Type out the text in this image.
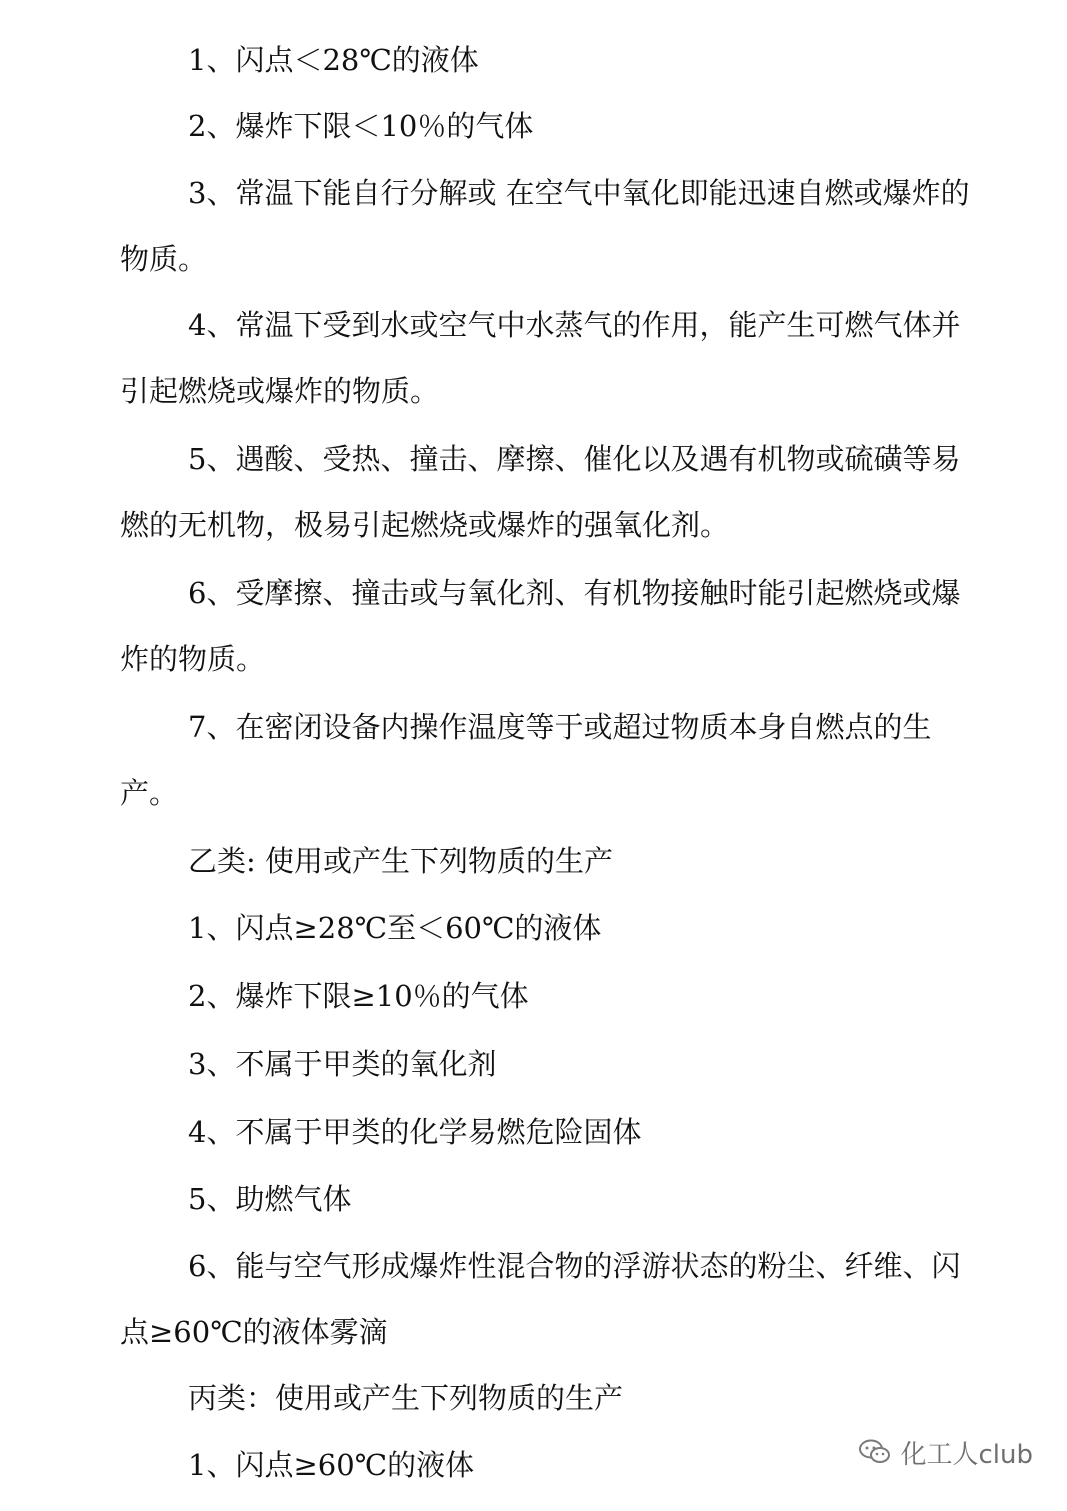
1、闪点＜28℃的液体

2、爆炸下限＜10％的气体

3、常温下能自行分解或 在空气中氧化即能迅速自燃或爆炸的物质。

4、常温下受到水或空气中水蒸气的作用，能产生可燃气体并引起燃烧或爆炸的物质。

5、遇酸、受热、撞击、摩擦、催化以及遇有机物或硫磺等易燃的无机物，极易引起燃烧或爆炸的强氧化剂。

6、受摩擦、撞击或与氧化剂、有机物接触时能引起燃烧或爆炸的物质。

7、在密闭设备内操作温度等于或超过物质本身自燃点的生产。

乙类: 使用或产生下列物质的生产

1、闪点≥28℃至＜60℃的液体

2、爆炸下限≥10％的气体

3、不属于甲类的氧化剂

4、不属于甲类的化学易燃危险固体

5、助燃气体

6、能与空气形成爆炸性混合物的浮游状态的粉尘、纤维、闪点≥60℃的液体雾滴

丙类：使用或产生下列物质的生产

1、闪点≥60℃的液体	化工人club
